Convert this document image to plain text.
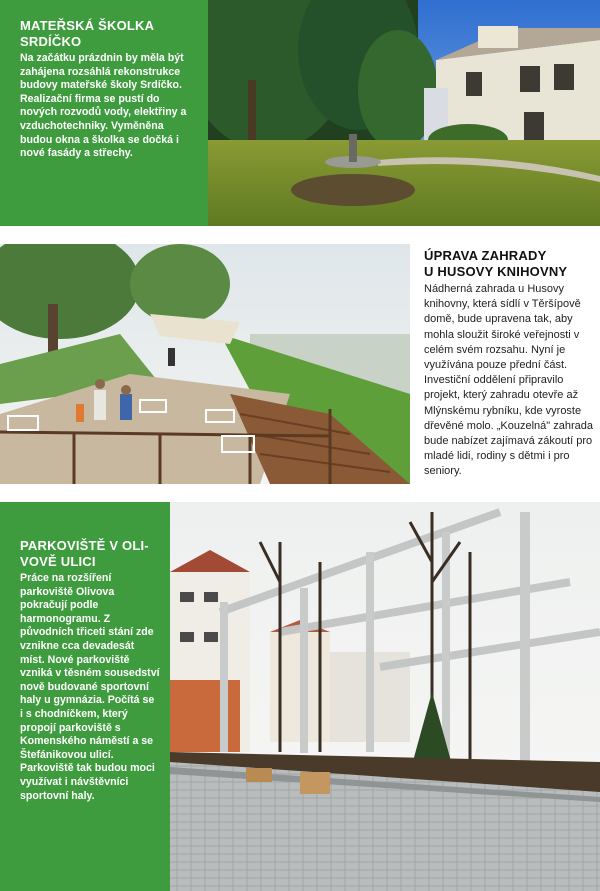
MATEŘSKÁ ŠKOLKA
SRDÍČKO

Na začátku prázdnin by měla být zahájena rozsáhlá rekonstrukce budovy mateřské školy Srdíčko. Realizační firma se pustí do nových rozvodů vody, elektřiny a vzduchotechniky. Vyměněna budou okna a školka se dočká i nové fasády a střechy.

ÚPRAVA ZAHRADY
U HUSOVY KNIHOVNY

Nádherná zahrada u Husovy knihovny, která sídlí v Těršípově domě, bude upravena tak, aby mohla sloužit široké veřejnosti v celém svém rozsahu. Nyní je využívána pouze přední část. Investiční oddělení připravilo projekt, který zahradu otevře až Mlýnskému rybníku, kde vyroste dřevěné molo. „Kouzelná" zahrada bude nabízet zajímavá zákoutí pro mladé lidi, rodiny s dětmi i pro seniory.

PARKOVIŠTĚ V OLI-
VOVĚ ULICI

Práce na rozšíření parkoviště Olivova pokračují podle harmonogramu. Z původních třiceti stání zde vznikne cca devadesát míst. Nové parkoviště vzniká v těsném sousedství nově budované sportovní haly u gymnázia. Počítá se i s chodníčkem, který propojí parkoviště s Komenského náměstí a se Štefánikovou ulicí. Parkoviště tak budou moci využívat i návštěvníci sportovní haly.
